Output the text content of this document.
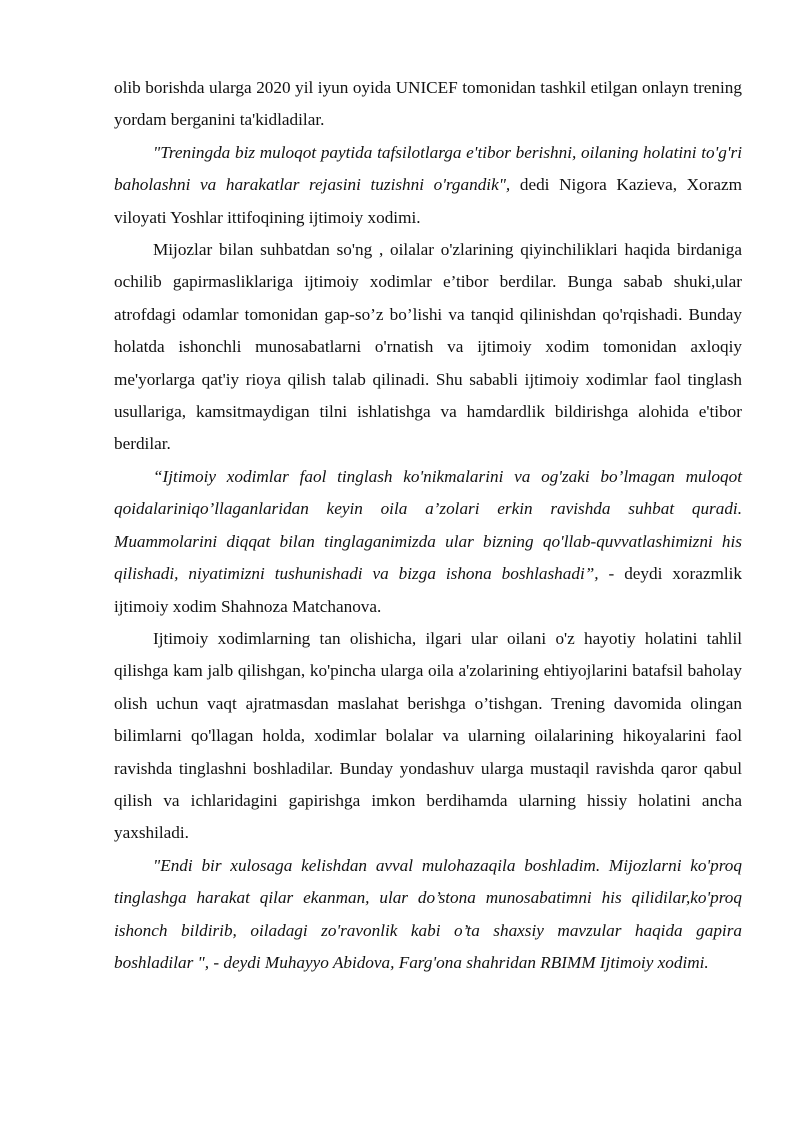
olib borishda ularga 2020 yil iyun oyida UNICEF tomonidan tashkil etilgan onlayn trening yordam berganini ta'kidladilar.

"Treningda biz muloqot paytida tafsilotlarga e'tibor berishni, oilaning holatini to'g'ri baholashni va harakatlar rejasini tuzishni o'rgandik", dedi Nigora Kazieva, Xorazm viloyati Yoshlar ittifoqining ijtimoiy xodimi.

Mijozlar bilan suhbatdan so'ng , oilalar o'zlarining qiyinchiliklari haqida birdaniga ochilib gapirmasliklariga ijtimoiy xodimlar e’tibor berdilar. Bunga sabab shuki,ular atrofdagi odamlar tomonidan gap-so’z bo’lishi va tanqid qilinishdan qo'rqishadi. Bunday holatda ishonchli munosabatlarni o'rnatish va ijtimoiy xodim tomonidan axloqiy me'yorlarga qat'iy rioya qilish talab qilinadi. Shu sababli ijtimoiy xodimlar faol tinglash usullariga, kamsitmaydigan tilni ishlatishga va hamdardlik bildirishga alohida e'tibor berdilar.

“Ijtimoiy xodimlar faol tinglash ko'nikmalarini va og'zaki bo’lmagan muloqot qoidalariniqo’llaganlaridan keyin oila a’zolari erkin ravishda suhbat quradi. Muammolarini diqqat bilan tinglaganimizda ular bizning qo'llab-quvvatlashimizni his qilishadi, niyatimizni tushunishadi va bizga ishona boshlashadi”, - deydi xorazmlik ijtimoiy xodim Shahnoza Matchanova.

Ijtimoiy xodimlarning tan olishicha, ilgari ular oilani o'z hayotiy holatini tahlil qilishga kam jalb qilishgan, ko'pincha ularga oila a'zolarining ehtiyojlarini batafsil baholay olish uchun vaqt ajratmasdan maslahat berishga o’tishgan. Trening davomida olingan bilimlarni qo'llagan holda, xodimlar bolalar va ularning oilalarining hikoyalarini faol ravishda tinglashni boshladilar. Bunday yondashuv ularga mustaqil ravishda qaror qabul qilish va ichlaridagini gapirishga imkon berdihamda ularning hissiy holatini ancha yaxshiladi.

"Endi bir xulosaga kelishdan avval mulohazaqila boshladim. Mijozlarni ko'proq tinglashga harakat qilar ekanman, ular do’stona munosabatimni his qilidilar,ko'proq ishonch bildirib, oiladagi zo'ravonlik kabi o’ta shaxsiy mavzular haqida gapira boshladilar ", - deydi Muhayyo Abidova, Farg'ona shahridan RBIMM Ijtimoiy xodimi.
